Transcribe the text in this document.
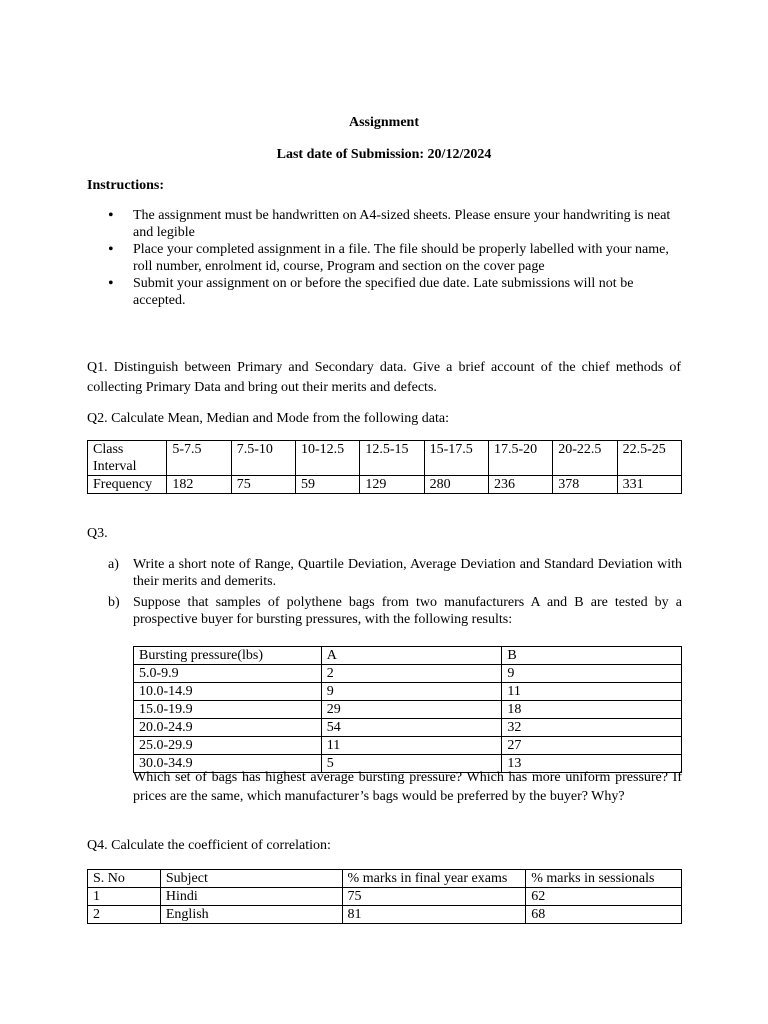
Assignment
Last date of Submission: 20/12/2024
Instructions:
• The assignment must be handwritten on A4-sized sheets. Please ensure your handwriting is neat and legible
• Place your completed assignment in a file. The file should be properly labelled with your name, roll number, enrolment id, course, Program and section on the cover page
• Submit your assignment on or before the specified due date. Late submissions will not be accepted.
Q1. Distinguish between Primary and Secondary data. Give a brief account of the chief methods of collecting Primary Data and bring out their merits and defects.
Q2. Calculate Mean, Median and Mode from the following data:
Class Interval	5-7.5	7.5-10	10-12.5	12.5-15	15-17.5	17.5-20	20-22.5	22.5-25
Frequency	182	75	59	129	280	236	378	331
Q3.
a) Write a short note of Range, Quartile Deviation, Average Deviation and Standard Deviation with their merits and demerits.
b) Suppose that samples of polythene bags from two manufacturers A and B are tested by a prospective buyer for bursting pressures, with the following results:
Bursting pressure(lbs)	A	B
5.0-9.9	2	9
10.0-14.9	9	11
15.0-19.9	29	18
20.0-24.9	54	32
25.0-29.9	11	27
30.0-34.9	5	13
Which set of bags has highest average bursting pressure? Which has more uniform pressure? If prices are the same, which manufacturer’s bags would be preferred by the buyer? Why?
Q4. Calculate the coefficient of correlation:
S. No	Subject	% marks in final year exams	% marks in sessionals
1	Hindi	75	62
2	English	81	68
